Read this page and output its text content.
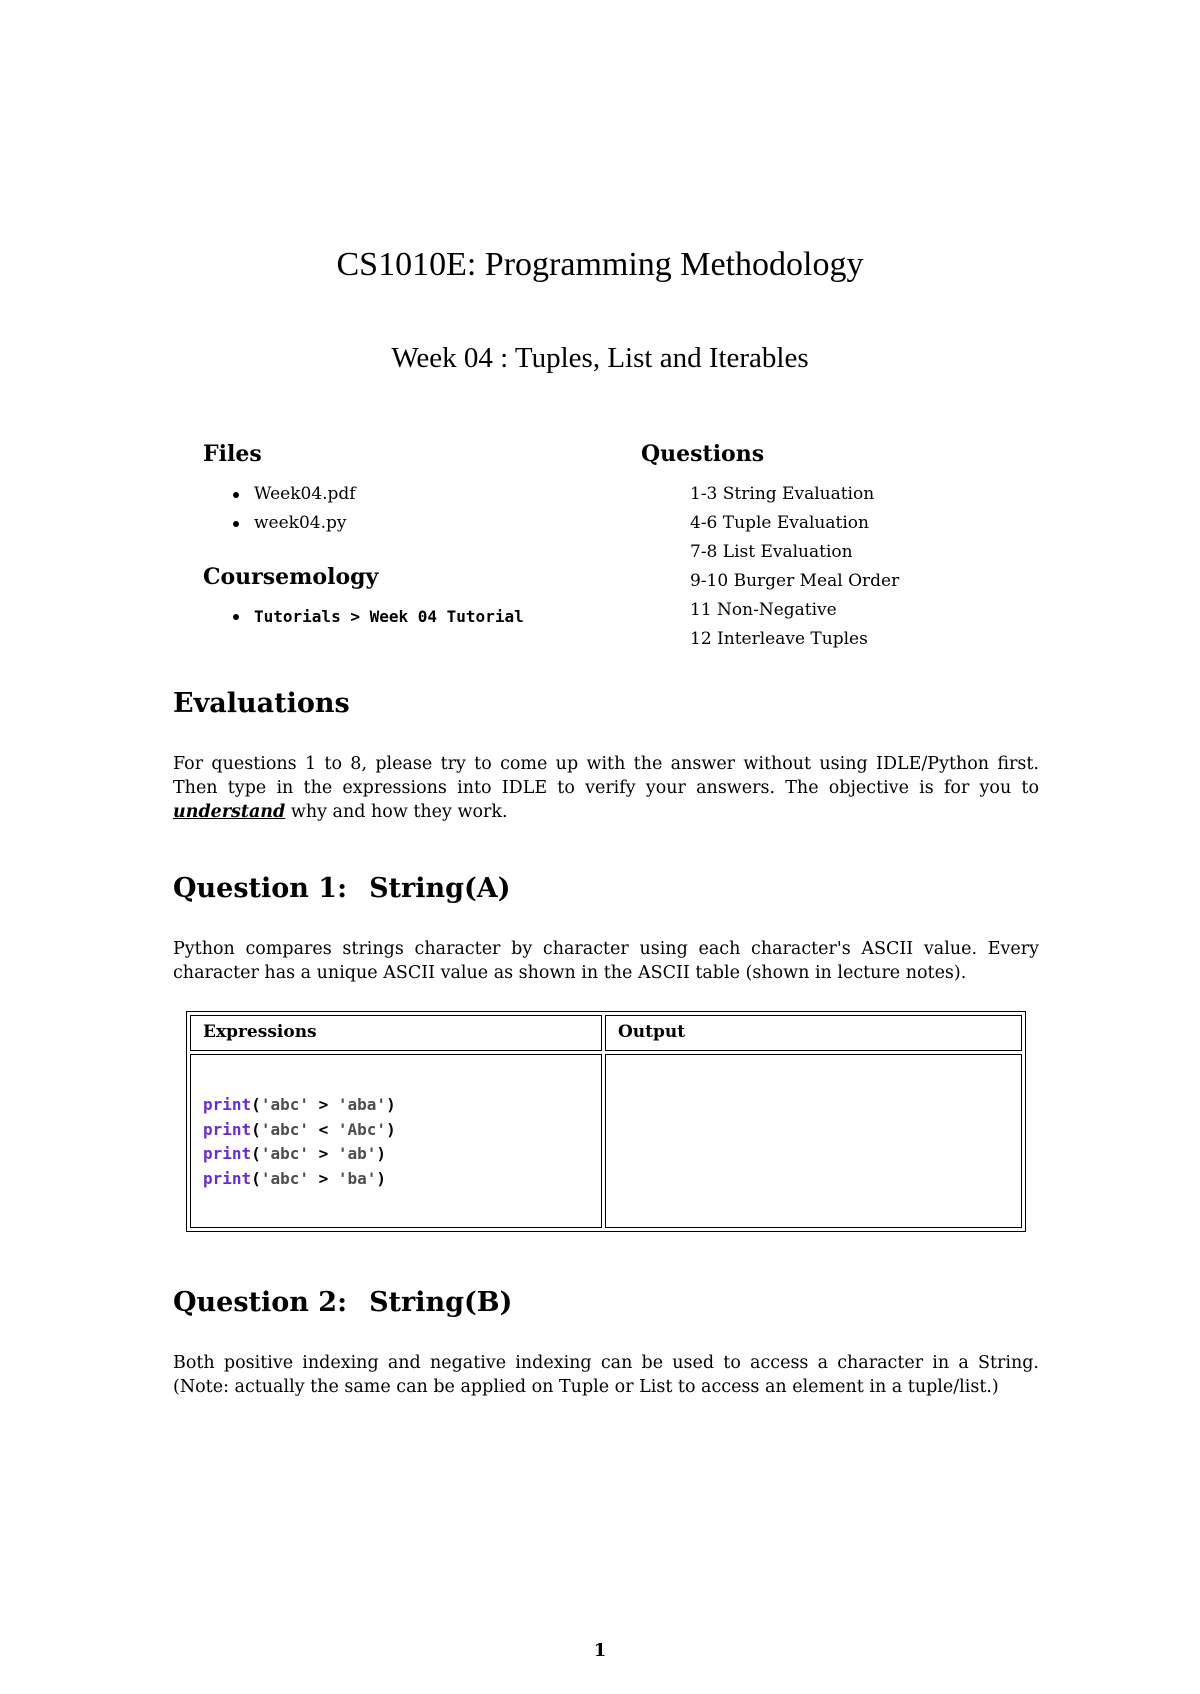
CS1010E: Programming Methodology
Week 04 : Tuples, List and Iterables
Files
Week04.pdf
week04.py
Coursemology
Tutorials > Week 04 Tutorial
Questions
1-3 String Evaluation
4-6 Tuple Evaluation
7-8 List Evaluation
9-10 Burger Meal Order
11 Non-Negative
12 Interleave Tuples
Evaluations
For questions 1 to 8, please try to come up with the answer without using IDLE/Python first. Then type in the expressions into IDLE to verify your answers. The objective is for you to understand why and how they work.
Question 1: String(A)
Python compares strings character by character using each character's ASCII value. Every character has a unique ASCII value as shown in the ASCII table (shown in lecture notes).
Expressions	Output

print('abc' > 'aba')
print('abc' < 'Abc')
print('abc' > 'ab')
print('abc' > 'ba')	

Question 2: String(B)
Both positive indexing and negative indexing can be used to access a character in a String. (Note: actually the same can be applied on Tuple or List to access an element in a tuple/list.)
1
